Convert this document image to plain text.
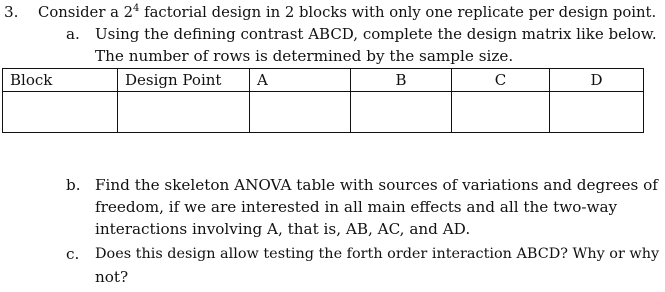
3. Consider a $2^4$ factorial design in 2 blocks with only one replicate per design point.
a. Using the defining contrast ABCD, complete the design matrix like below.
The number of rows is determined by the sample size.
Block	Design Point	A	B	C	D

b. Find the skeleton ANOVA table with sources of variations and degrees of
freedom, if we are interested in all main effects and all the two-way
interactions involving A, that is, AB, AC, and AD.
c. Does this design allow testing the forth order interaction ABCD? Why or why
not?
